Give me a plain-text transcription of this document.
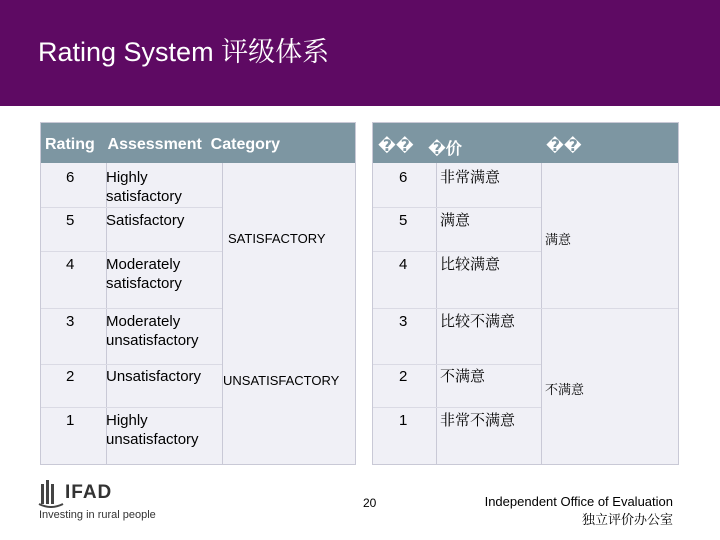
Rating System 评级体系
Rating   Assessment  Category
6 Highly satisfactory
5 Satisfactory
4 Moderately satisfactory
3 Moderately unsatisfactory
2 Unsatisfactory
1 Highly unsatisfactory
SATISFACTORY
UNSATISFACTORY
�� �价	��
6 非常满意
5 满意
4 比较满意
3 比较不满意
2 不满意
1 非常不满意
满意
不满意
IFAD
Investing in rural people
20	Independent Office of Evaluation
独立评价办公室
